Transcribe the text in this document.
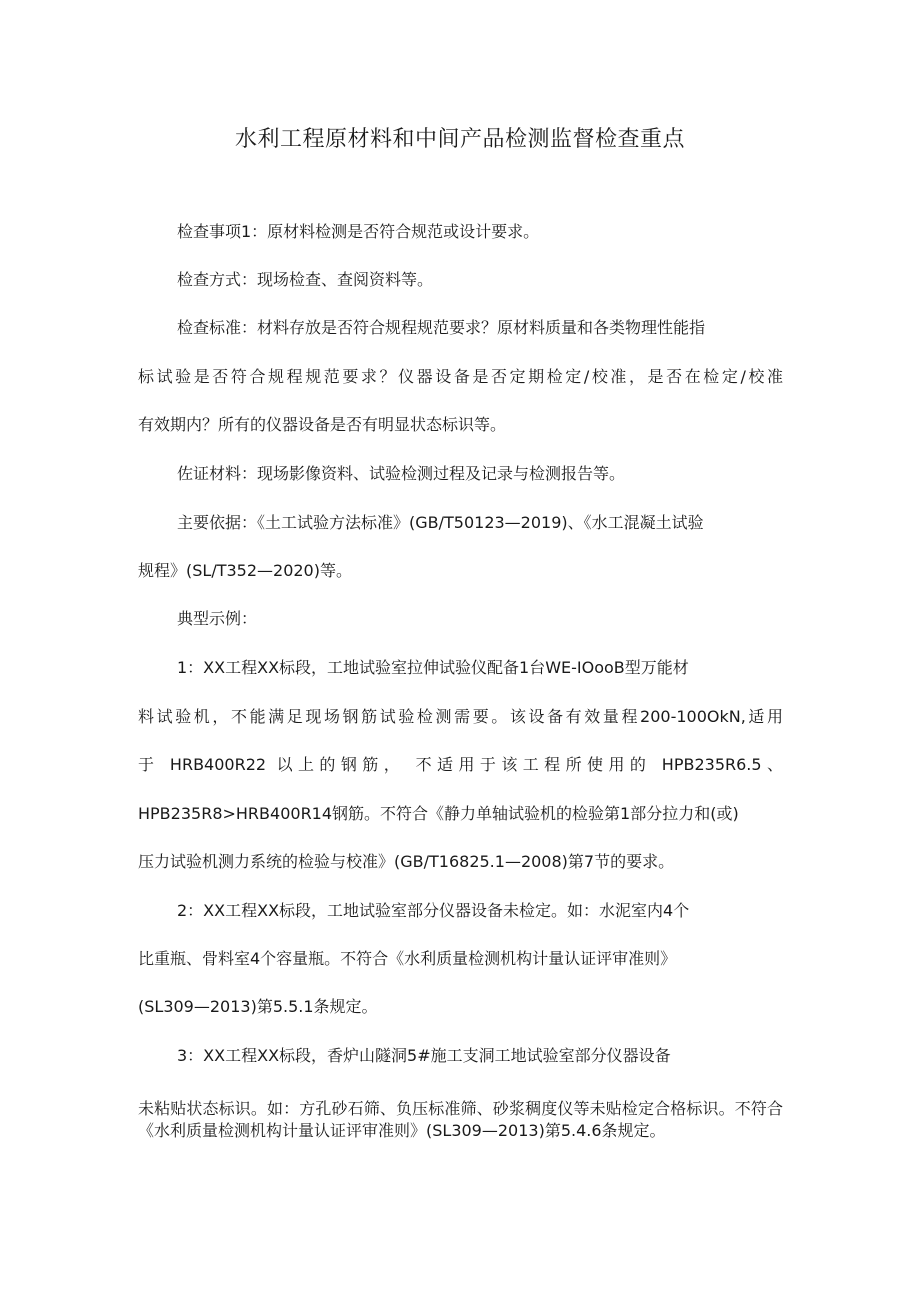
水利工程原材料和中间产品检测监督检查重点
检查事项1：原材料检测是否符合规范或设计要求。
检查方式：现场检查、查阅资料等。
检查标准：材料存放是否符合规程规范要求？原材料质量和各类物理性能指
标试验是否符合规程规范要求？仪器设备是否定期检定/校准，是否在检定/校准
有效期内？所有的仪器设备是否有明显状态标识等。
佐证材料：现场影像资料、试验检测过程及记录与检测报告等。
主要依据：《土工试验方法标准》(GB/T50123—2019)、《水工混凝土试验
规程》(SL/T352—2020)等。
典型示例：
1：XX工程XX标段，工地试验室拉伸试验仪配备1台WE-IOooB型万能材
料试验机，不能满足现场钢筋试验检测需要。该设备有效量程200-100OkN,适用
于 HRB400R22 以上的钢筋， 不适用于该工程所使用的 HPB235R6.5、
HPB235R8>HRB400R14钢筋。不符合《静力单轴试验机的检验第1部分拉力和(或)
压力试验机测力系统的检验与校准》(GB/T16825.1—2008)第7节的要求。
2：XX工程XX标段，工地试验室部分仪器设备未检定。如：水泥室内4个
比重瓶、骨料室4个容量瓶。不符合《水利质量检测机构计量认证评审准则》
(SL309—2013)第5.5.1条规定。
3：XX工程XX标段，香炉山隧洞5#施工支洞工地试验室部分仪器设备
未粘贴状态标识。如：方孔砂石筛、负压标准筛、砂浆稠度仪等未贴检定合格标识。不符合《水利质量检测机构计量认证评审准则》(SL309—2013)第5.4.6条规定。
